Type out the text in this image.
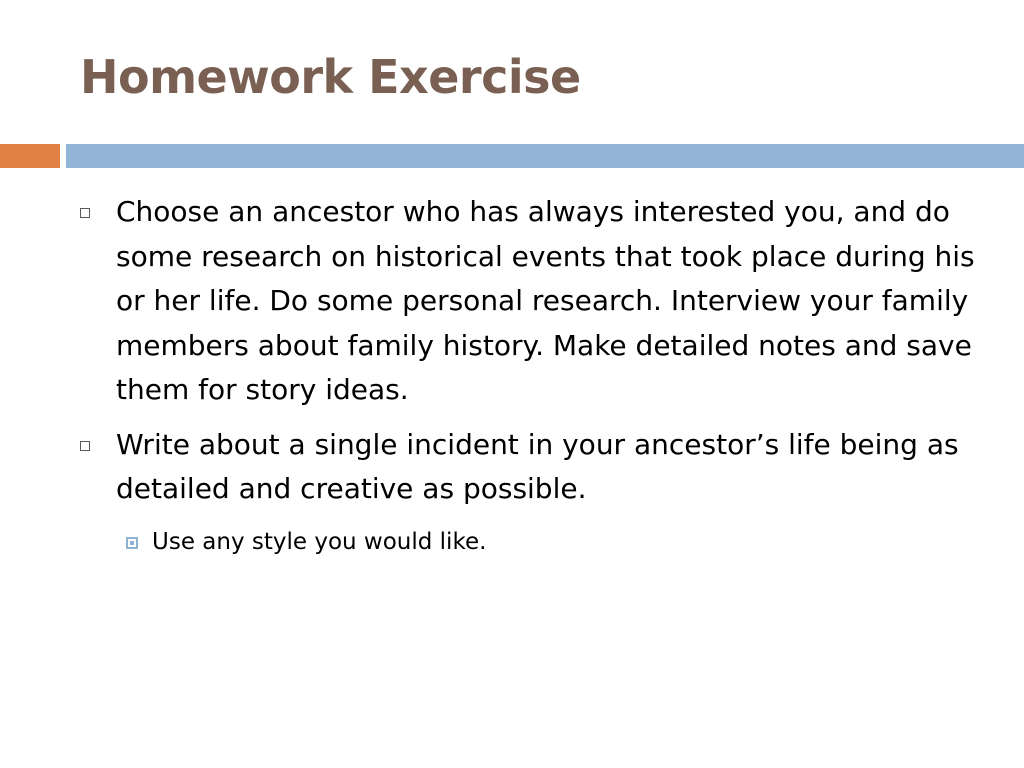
Homework Exercise
Choose an ancestor who has always interested you, and do some research on historical events that took place during his or her life. Do some personal research. Interview your family members about family history. Make detailed notes and save them for story ideas.
Write about a single incident in your ancestor’s life being as detailed and creative as possible.
Use any style you would like.
